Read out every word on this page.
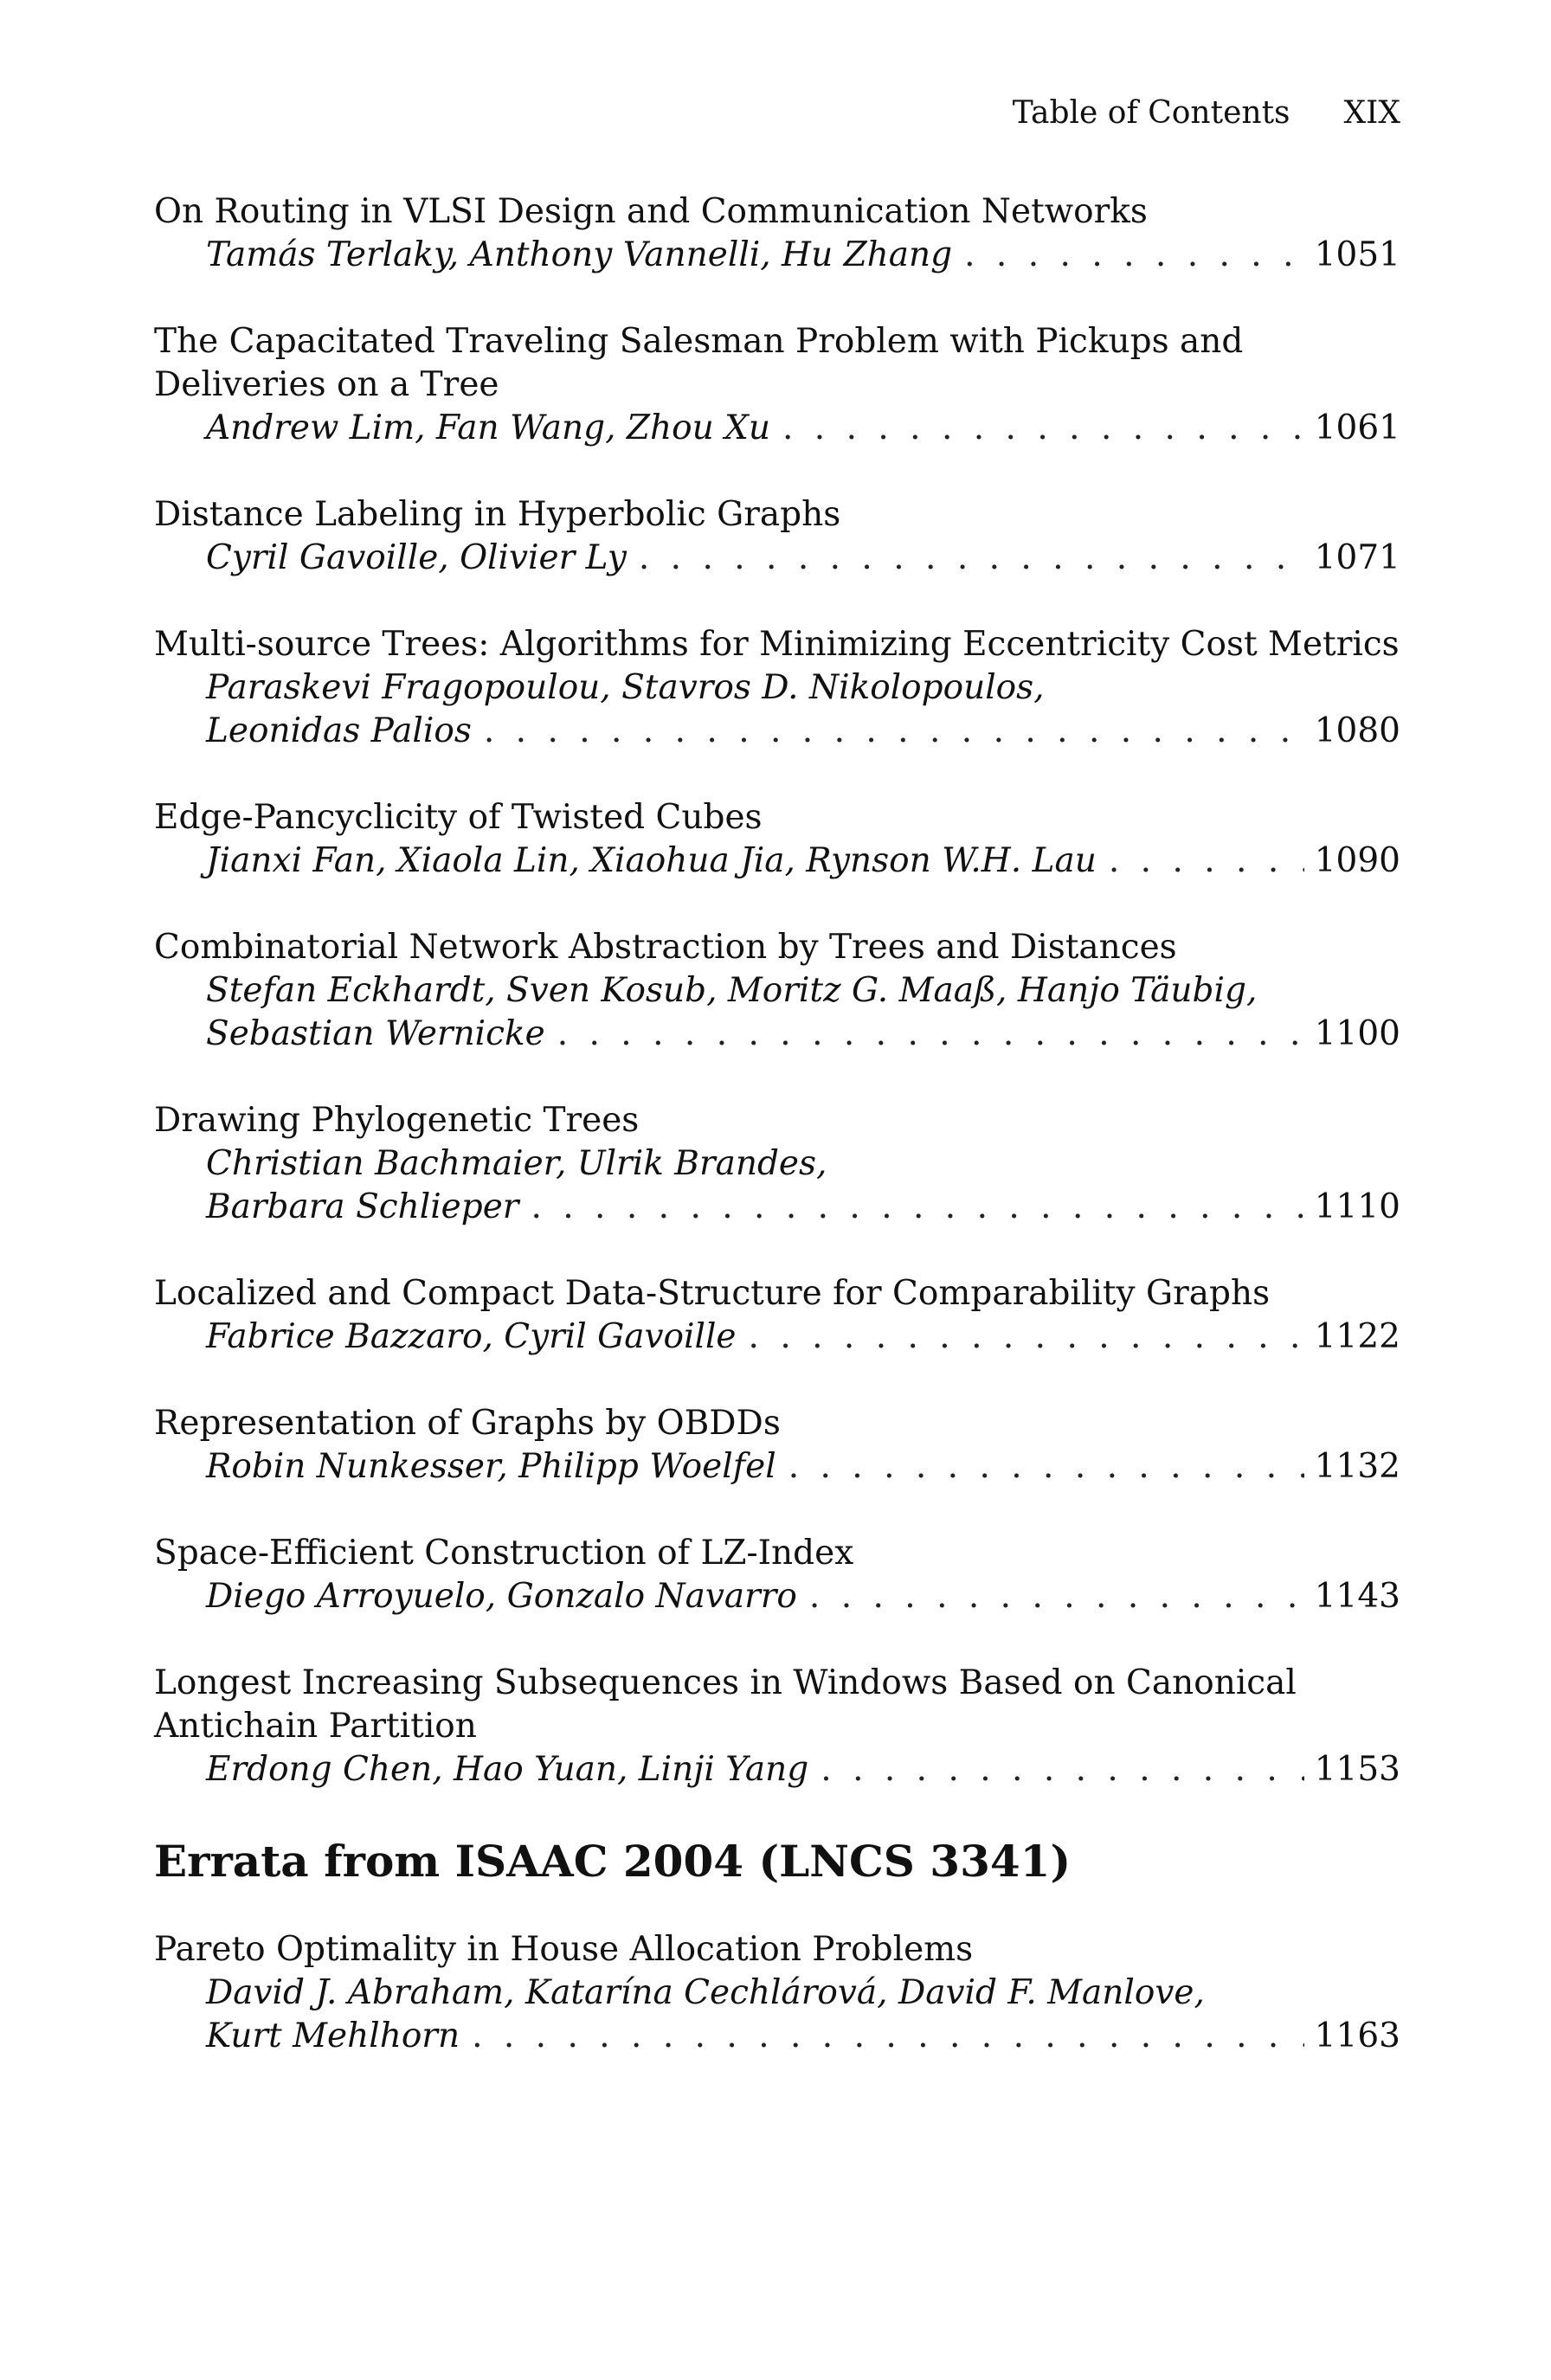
Table of Contents XIX
On Routing in VLSI Design and Communication Networks
Tamás Terlaky, Anthony Vannelli, Hu Zhang . . .	1051
The Capacitated Traveling Salesman Problem with Pickups and
Deliveries on a Tree
Andrew Lim, Fan Wang, Zhou Xu . . .	1061
Distance Labeling in Hyperbolic Graphs
Cyril Gavoille, Olivier Ly . . .	1071
Multi-source Trees: Algorithms for Minimizing Eccentricity Cost Metrics
Paraskevi Fragopoulou, Stavros D. Nikolopoulos,
Leonidas Palios . . .	1080
Edge-Pancyclicity of Twisted Cubes
Jianxi Fan, Xiaola Lin, Xiaohua Jia, Rynson W.H. Lau . . .	1090
Combinatorial Network Abstraction by Trees and Distances
Stefan Eckhardt, Sven Kosub, Moritz G. Maaß, Hanjo Täubig,
Sebastian Wernicke . . .	1100
Drawing Phylogenetic Trees
Christian Bachmaier, Ulrik Brandes,
Barbara Schlieper . . .	1110
Localized and Compact Data-Structure for Comparability Graphs
Fabrice Bazzaro, Cyril Gavoille . . .	1122
Representation of Graphs by OBDDs
Robin Nunkesser, Philipp Woelfel . . .	1132
Space-Efficient Construction of LZ-Index
Diego Arroyuelo, Gonzalo Navarro . . .	1143
Longest Increasing Subsequences in Windows Based on Canonical
Antichain Partition
Erdong Chen, Hao Yuan, Linji Yang . . .	1153
Errata from ISAAC 2004 (LNCS 3341)
Pareto Optimality in House Allocation Problems
David J. Abraham, Katarína Cechlárová, David F. Manlove,
Kurt Mehlhorn . . .	1163
